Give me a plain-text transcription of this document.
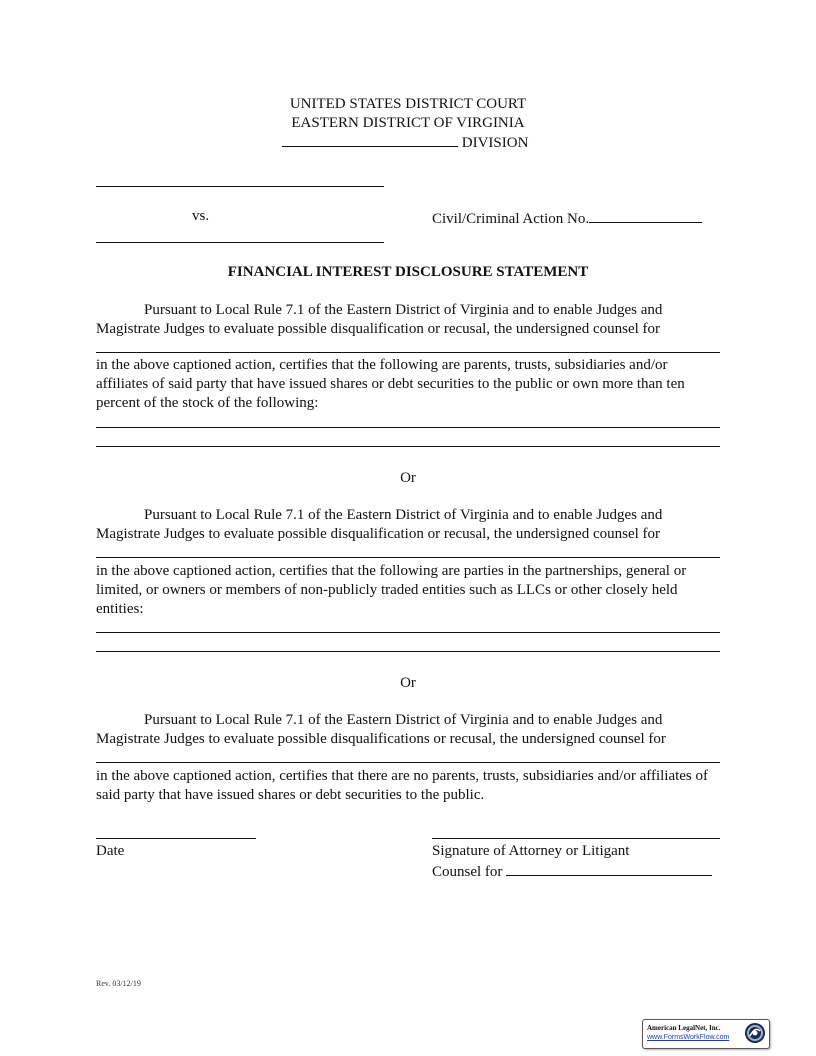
UNITED STATES DISTRICT COURT
EASTERN DISTRICT OF VIRGINIA
DIVISION
vs.	Civil/Criminal Action No.
FINANCIAL INTEREST DISCLOSURE STATEMENT
Pursuant to Local Rule 7.1 of the Eastern District of Virginia and to enable Judges and Magistrate Judges to evaluate possible disqualification or recusal, the undersigned counsel for
in the above captioned action, certifies that the following are parents, trusts, subsidiaries and/or affiliates of said party that have issued shares or debt securities to the public or own more than ten percent of the stock of the following:
Or
Pursuant to Local Rule 7.1 of the Eastern District of Virginia and to enable Judges and Magistrate Judges to evaluate possible disqualification or recusal, the undersigned counsel for
in the above captioned action, certifies that the following are parties in the partnerships, general or limited, or owners or members of non-publicly traded entities such as LLCs or other closely held entities:
Or
Pursuant to Local Rule 7.1 of the Eastern District of Virginia and to enable Judges and Magistrate Judges to evaluate possible disqualifications or recusal, the undersigned counsel for
in the above captioned action, certifies that there are no parents, trusts, subsidiaries and/or affiliates of said party that have issued shares or debt securities to the public.
Date	Signature of Attorney or Litigant
Counsel for
Rev. 03/12/19
American LegalNet, Inc.
www.FormsWorkFlow.com
